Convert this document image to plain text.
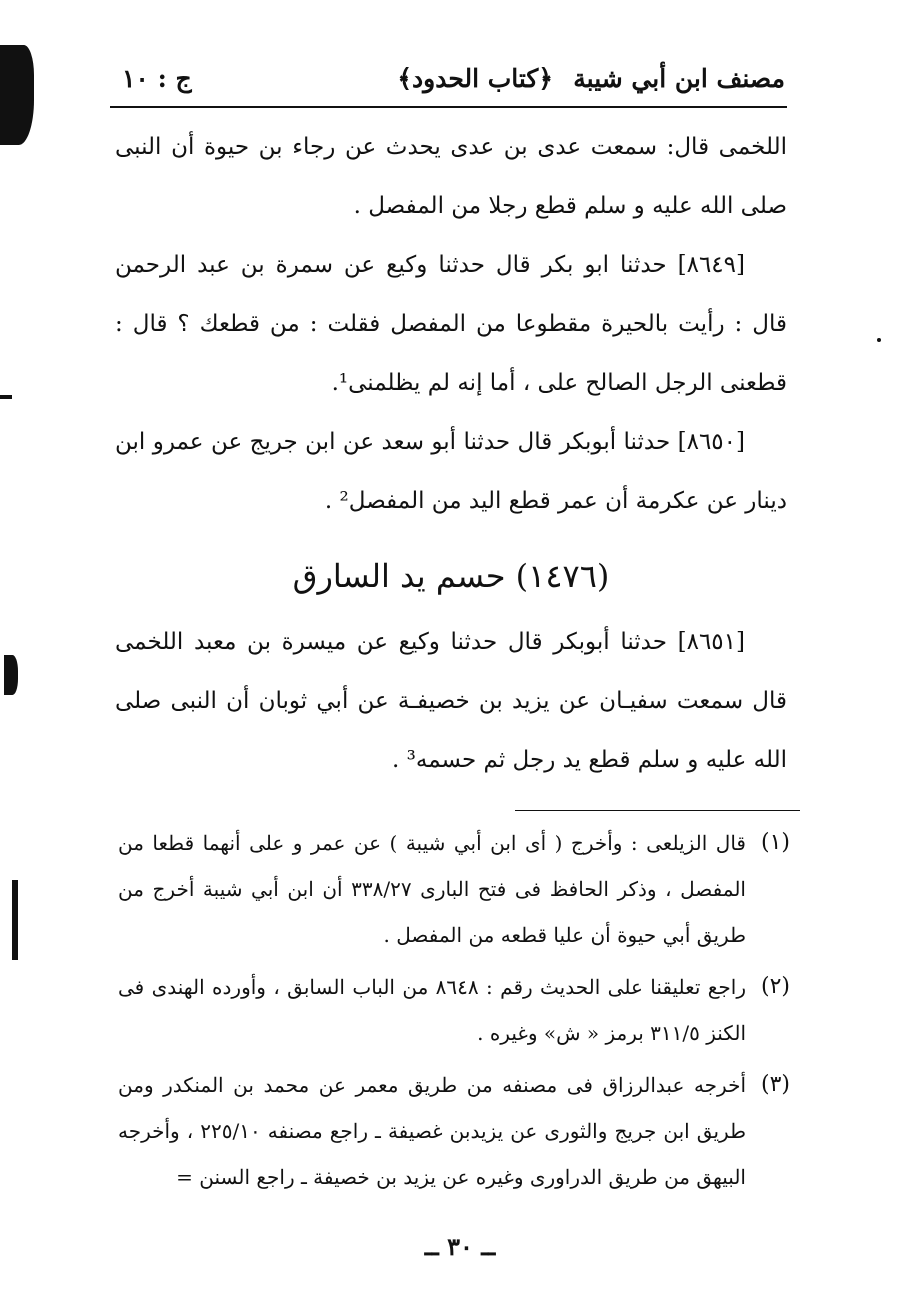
مصنف ابن أبي شيبة
﴿كتاب الحدود﴾
ج : ١٠

اللخمى قال: سمعت عدى بن عدى يحدث عن رجاء بن حيوة أن النبى صلى الله عليه و سلم قطع رجلا من المفصل .

[٨٦٤٩] حدثنا ابو بكر قال حدثنا وكيع عن سمرة بن عبد الرحمن قال : رأيت بالحيرة مقطوعا من المفصل فقلت : من قطعك ؟ قال : قطعنى الرجل الصالح على ، أما إنه لم يظلمنى¹.

[٨٦٥٠] حدثنا أبوبكر قال حدثنا أبو سعد عن ابن جريج عن عمرو ابن دينار عن عكرمة أن عمر قطع اليد من المفصل² .

(١٤٧٦) حسم يد السارق

[٨٦٥١] حدثنا أبوبكر قال حدثنا وكيع عن ميسرة بن معبد اللخمى قال سمعت سفيـان عن يزيد بن خصيفـة عن أبي ثوبان أن النبى صلى الله عليه و سلم قطع يد رجل ثم حسمه³ .

(١)
قال الزيلعى : وأخرج ( أى ابن أبي شيبة ) عن عمر و على أنهما قطعا من المفصل ، وذكر الحافظ فى فتح البارى ٣٣٨/٢٧ أن ابن أبي شيبة أخرج من طريق أبي حيوة أن عليا قطعه من المفصل .

(٢)
راجع تعليقنا على الحديث رقم : ٨٦٤٨ من الباب السابق ، وأورده الهندى فى الكنز ٣١١/٥ برمز « ش» وغيره .

(٣)
أخرجه عبدالرزاق فى مصنفه من طريق معمر عن محمد بن المنكدر ومن طريق ابن جريج والثورى عن يزيدبن غصيفة ـ راجع مصنفه ٢٢٥/١٠ ، وأخرجه البيهق من طريق الدراورى وغيره عن يزيد بن خصيفة ـ راجع السنن =

ــ ٣٠ ــ
